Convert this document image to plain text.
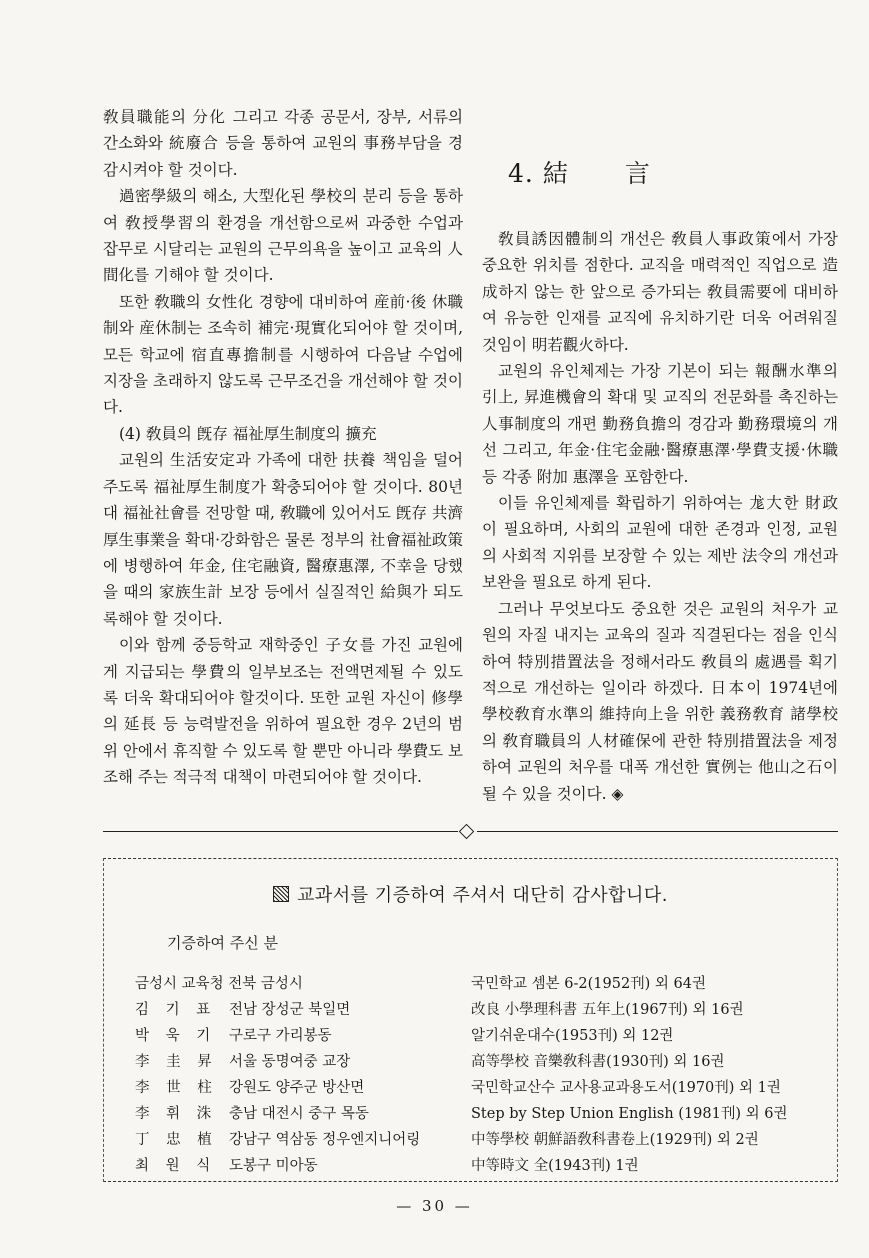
敎員職能의 分化 그리고 각종 공문서, 장부, 서류의 간소화와 統廢合 등을 통하여 교원의 事務부담을 경감시켜야 할 것이다.

過密學級의 해소, 大型化된 學校의 분리 등을 통하여 敎授學習의 환경을 개선함으로써 과중한 수업과 잡무로 시달리는 교원의 근무의욕을 높이고 교육의 人間化를 기해야 할 것이다.

또한 敎職의 女性化 경향에 대비하여 産前·後 休職制와 産休制는 조속히 補完·現實化되어야 할 것이며, 모든 학교에 宿直專擔制를 시행하여 다음날 수업에 지장을 초래하지 않도록 근무조건을 개선해야 할 것이다.

(4) 敎員의 旣存 福祉厚生制度의 擴充

교원의 生活安定과 가족에 대한 扶養 책임을 덜어 주도록 福祉厚生制度가 확충되어야 할 것이다. 80년대 福祉社會를 전망할 때, 敎職에 있어서도 旣存 共濟厚生事業을 확대·강화함은 물론 정부의 社會福祉政策에 병행하여 年金, 住宅融資, 醫療惠澤, 不幸을 당했을 때의 家族生計 보장 등에서 실질적인 給與가 되도록해야 할 것이다.

이와 함께 중등학교 재학중인 子女를 가진 교원에게 지급되는 學費의 일부보조는 전액면제될 수 있도록 더욱 확대되어야 할것이다. 또한 교원 자신이 修學의 延長 등 능력발전을 위하여 필요한 경우 2년의 범위 안에서 휴직할 수 있도록 할 뿐만 아니라 學費도 보조해 주는 적극적 대책이 마련되어야 할 것이다.

4. 結 言

敎員誘因體制의 개선은 敎員人事政策에서 가장 중요한 위치를 점한다. 교직을 매력적인 직업으로 造成하지 않는 한 앞으로 증가되는 敎員需要에 대비하여 유능한 인재를 교직에 유치하기란 더욱 어려워질 것임이 明若觀火하다.

교원의 유인체제는 가장 기본이 되는 報酬水準의 引上, 昇進機會의 확대 및 교직의 전문화를 촉진하는 人事制度의 개편 勤務負擔의 경감과 勤務環境의 개선 그리고, 年金·住宅金融·醫療惠澤·學費支援·休職 등 각종 附加 惠澤을 포함한다.

이들 유인체제를 확립하기 위하여는 尨大한 財政이 필요하며, 사회의 교원에 대한 존경과 인정, 교원의 사회적 지위를 보장할 수 있는 제반 法令의 개선과 보완을 필요로 하게 된다.

그러나 무엇보다도 중요한 것은 교원의 처우가 교원의 자질 내지는 교육의 질과 직결된다는 점을 인식하여 特別措置法을 정해서라도 敎員의 處遇를 획기적으로 개선하는 일이라 하겠다. 日本이 1974년에 學校敎育水準의 維持向上을 위한 義務敎育 諸學校의 敎育職員의 人材確保에 관한 特別措置法을 제정하여 교원의 처우를 대폭 개선한 實例는 他山之石이 될 수 있을 것이다. ◈

교과서를 기증하여 주셔서 대단히 감사합니다.
기증하여 주신 분
금성시 교육청 전북 금성시	국민학교 셈본 6-2(1952刊) 외 64권
김 기 표 전남 장성군 북일면	改良 小學理科書 五年上(1967刊) 외 16권
박 욱 기 구로구 가리봉동	알기쉬운대수(1953刊) 외 12권
李 圭 昇 서울 동명여중 교장	高等學校 音樂敎科書(1930刊) 외 16권
李 世 柱 강원도 양주군 방산면	국민학교산수 교사용교과용도서(1970刊) 외 1권
李 휘 洙 충남 대전시 중구 목동	Step by Step Union English (1981刊) 외 6권
丁 忠 植 강남구 역삼동 정우엔지니어링	中等學校 朝鮮語敎科書卷上(1929刊) 외 2권
최 원 식 도봉구 미아동	中等時文 全(1943刊) 1권
— 30 —
